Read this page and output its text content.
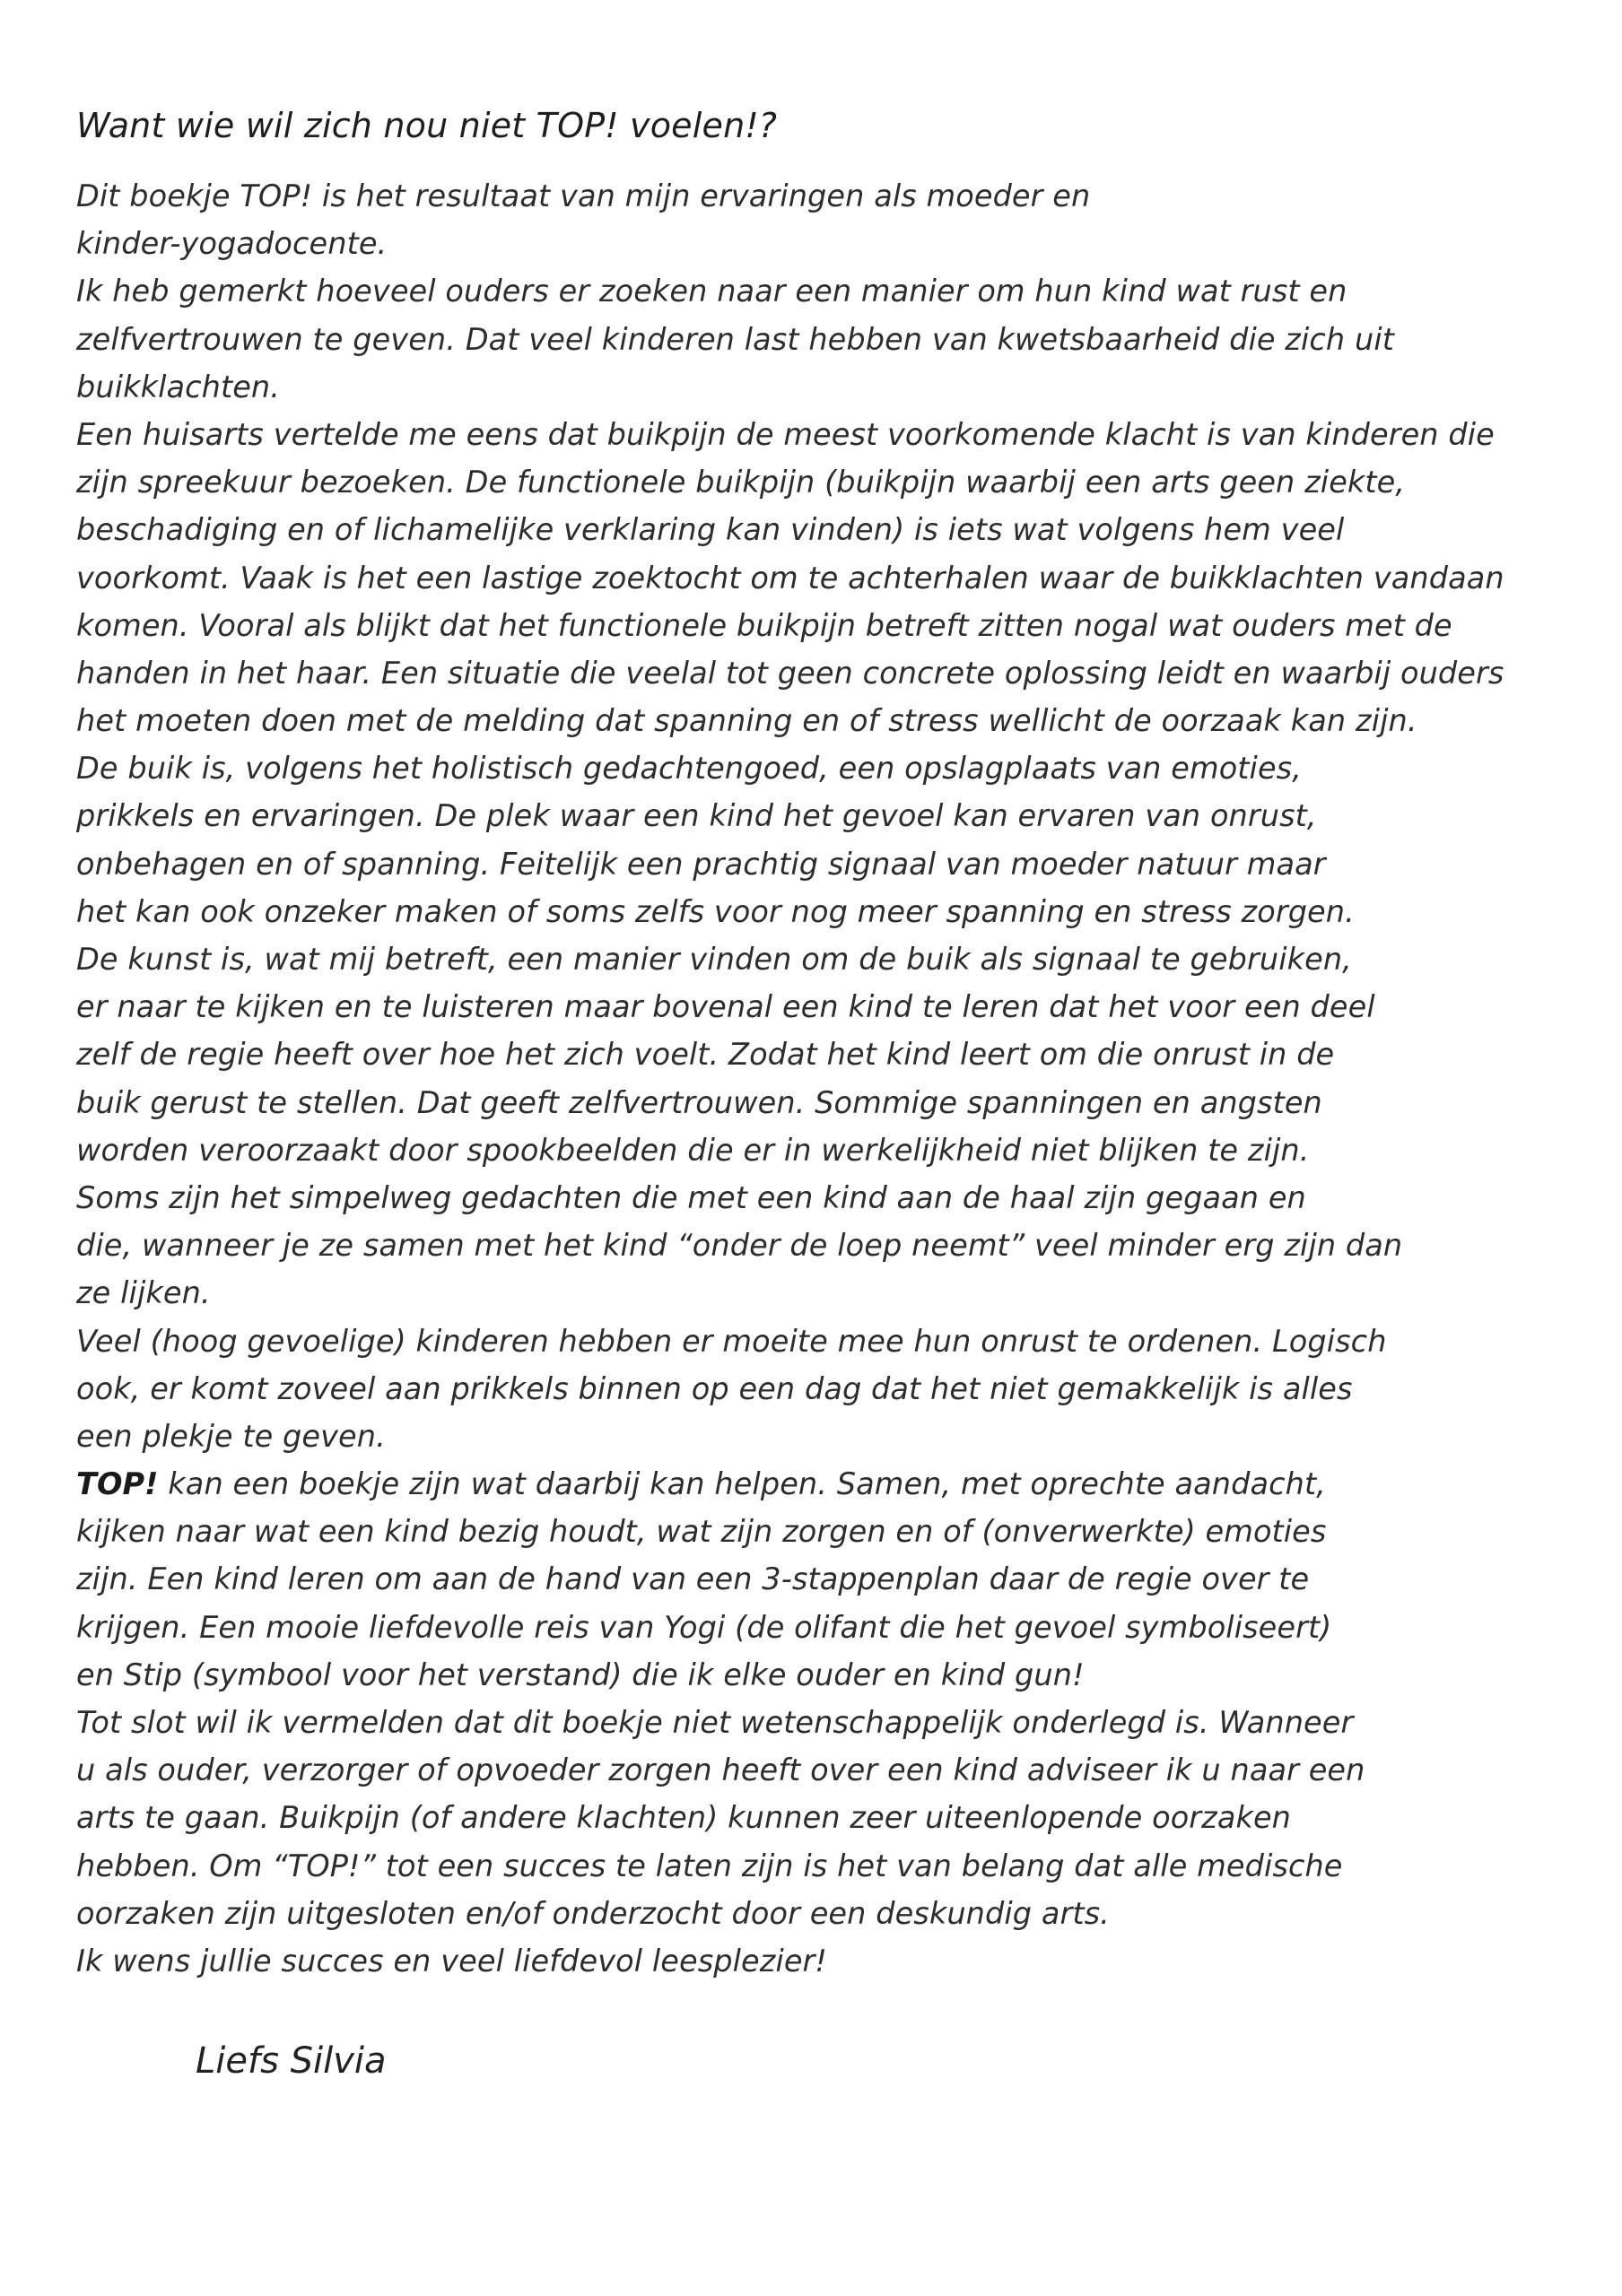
Want wie wil zich nou niet TOP! voelen!?
Dit boekje TOP! is het resultaat van mijn ervaringen als moeder en
kinder-yogadocente.
Ik heb gemerkt hoeveel ouders er zoeken naar een manier om hun kind wat rust en
zelfvertrouwen te geven. Dat veel kinderen last hebben van kwetsbaarheid die zich uit
buikklachten.
Een huisarts vertelde me eens dat buikpijn de meest voorkomende klacht is van kinderen die
zijn spreekuur bezoeken. De functionele buikpijn (buikpijn waarbij een arts geen ziekte,
beschadiging en of lichamelijke verklaring kan vinden) is iets wat volgens hem veel
voorkomt. Vaak is het een lastige zoektocht om te achterhalen waar de buikklachten vandaan
komen. Vooral als blijkt dat het functionele buikpijn betreft zitten nogal wat ouders met de
handen in het haar. Een situatie die veelal tot geen concrete oplossing leidt en waarbij ouders
het moeten doen met de melding dat spanning en of stress wellicht de oorzaak kan zijn.
De buik is, volgens het holistisch gedachtengoed, een opslagplaats van emoties,
prikkels en ervaringen. De plek waar een kind het gevoel kan ervaren van onrust,
onbehagen en of spanning. Feitelijk een prachtig signaal van moeder natuur maar
het kan ook onzeker maken of soms zelfs voor nog meer spanning en stress zorgen.
De kunst is, wat mij betreft, een manier vinden om de buik als signaal te gebruiken,
er naar te kijken en te luisteren maar bovenal een kind te leren dat het voor een deel
zelf de regie heeft over hoe het zich voelt. Zodat het kind leert om die onrust in de
buik gerust te stellen. Dat geeft zelfvertrouwen. Sommige spanningen en angsten
worden veroorzaakt door spookbeelden die er in werkelijkheid niet blijken te zijn.
Soms zijn het simpelweg gedachten die met een kind aan de haal zijn gegaan en
die, wanneer je ze samen met het kind “onder de loep neemt” veel minder erg zijn dan
ze lijken.
Veel (hoog gevoelige) kinderen hebben er moeite mee hun onrust te ordenen. Logisch
ook, er komt zoveel aan prikkels binnen op een dag dat het niet gemakkelijk is alles
een plekje te geven.
TOP! kan een boekje zijn wat daarbij kan helpen. Samen, met oprechte aandacht,
kijken naar wat een kind bezig houdt, wat zijn zorgen en of (onverwerkte) emoties
zijn. Een kind leren om aan de hand van een 3-stappenplan daar de regie over te
krijgen. Een mooie liefdevolle reis van Yogi (de olifant die het gevoel symboliseert)
en Stip (symbool voor het verstand) die ik elke ouder en kind gun!
Tot slot wil ik vermelden dat dit boekje niet wetenschappelijk onderlegd is. Wanneer
u als ouder, verzorger of opvoeder zorgen heeft over een kind adviseer ik u naar een
arts te gaan. Buikpijn (of andere klachten) kunnen zeer uiteenlopende oorzaken
hebben. Om “TOP!” tot een succes te laten zijn is het van belang dat alle medische
oorzaken zijn uitgesloten en/of onderzocht door een deskundig arts.
Ik wens jullie succes en veel liefdevol leesplezier!
Liefs Silvia
